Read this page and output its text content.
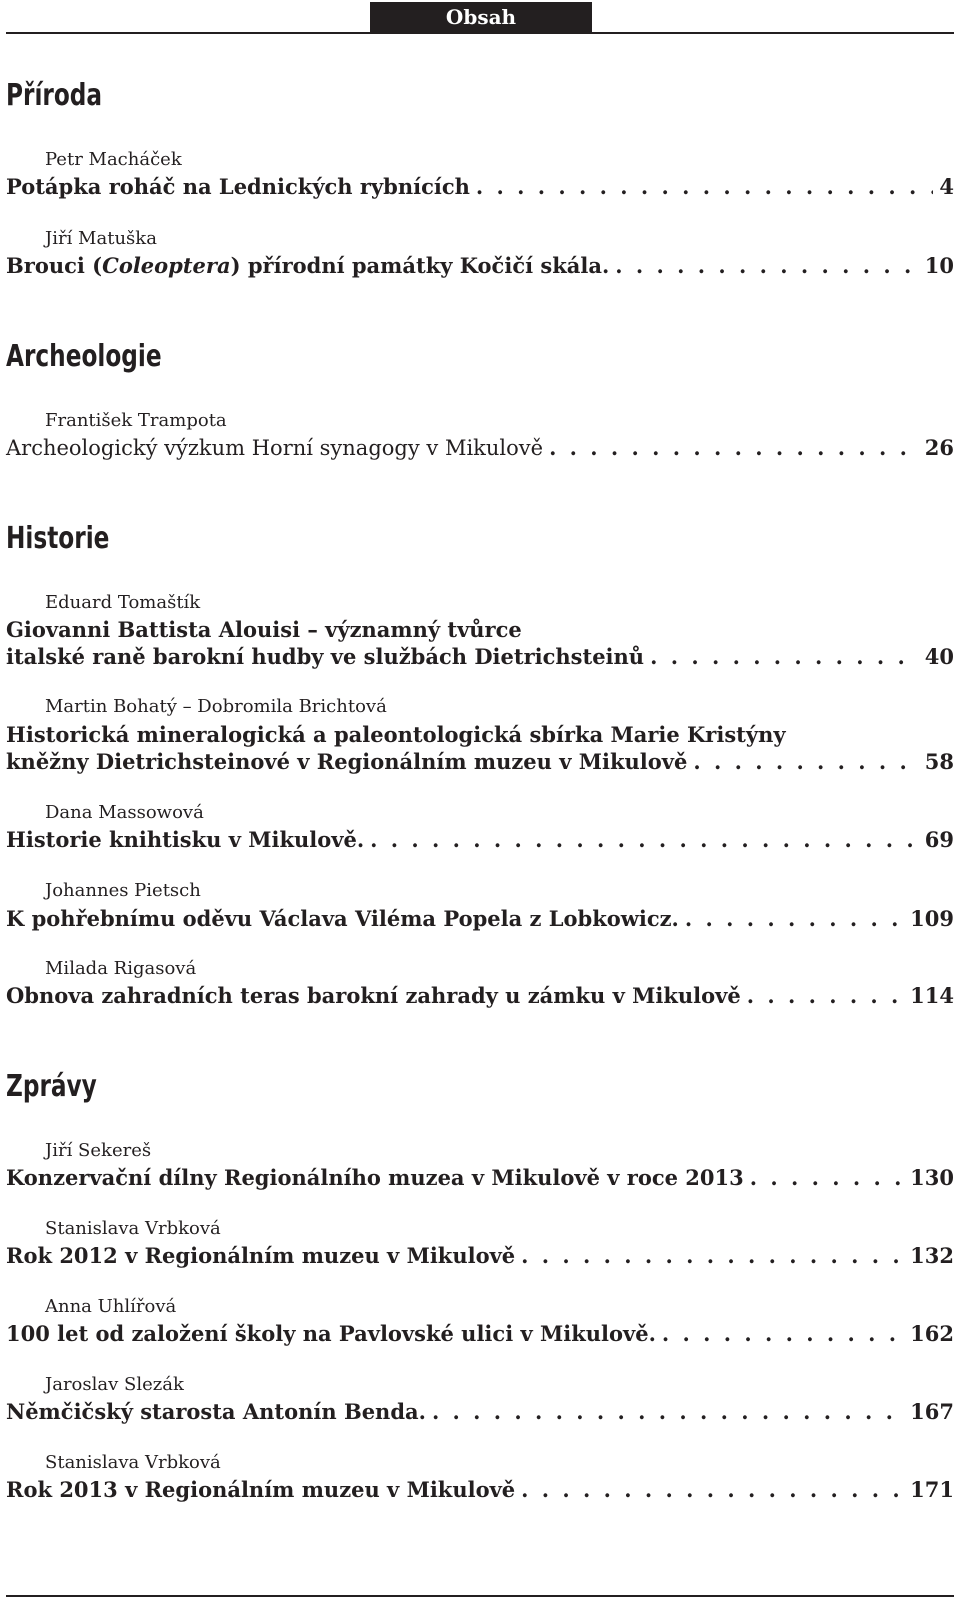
Obsah
Příroda
Petr Macháček
Potápka roháč na Lednických rybnících . . .	4
Jiří Matuška
Brouci (Coleoptera) přírodní památky Kočičí skála. . . .	10
Archeologie
František Trampota
Archeologický výzkum Horní synagogy v Mikulově . . .	26
Historie
Eduard Tomaštík
Giovanni Battista Alouisi – významný tvůrce
italské raně barokní hudby ve službách Dietrichsteinů . . .	40
Martin Bohatý – Dobromila Brichtová
Historická mineralogická a paleontologická sbírka Marie Kristýny
kněžny Dietrichsteinové v Regionálním muzeu v Mikulově . . .	58
Dana Massowová
Historie knihtisku v Mikulově. . . .	69
Johannes Pietsch
K pohřebnímu oděvu Václava Viléma Popela z Lobkowicz. . . .	109
Milada Rigasová
Obnova zahradních teras barokní zahrady u zámku v Mikulově . . .	114
Zprávy
Jiří Sekereš
Konzervační dílny Regionálního muzea v Mikulově v roce 2013 . . .	130
Stanislava Vrbková
Rok 2012 v Regionálním muzeu v Mikulově . . .	132
Anna Uhlířová
100 let od založení školy na Pavlovské ulici v Mikulově. . . .	162
Jaroslav Slezák
Němčičský starosta Antonín Benda. . . .	167
Stanislava Vrbková
Rok 2013 v Regionálním muzeu v Mikulově . . .	171
